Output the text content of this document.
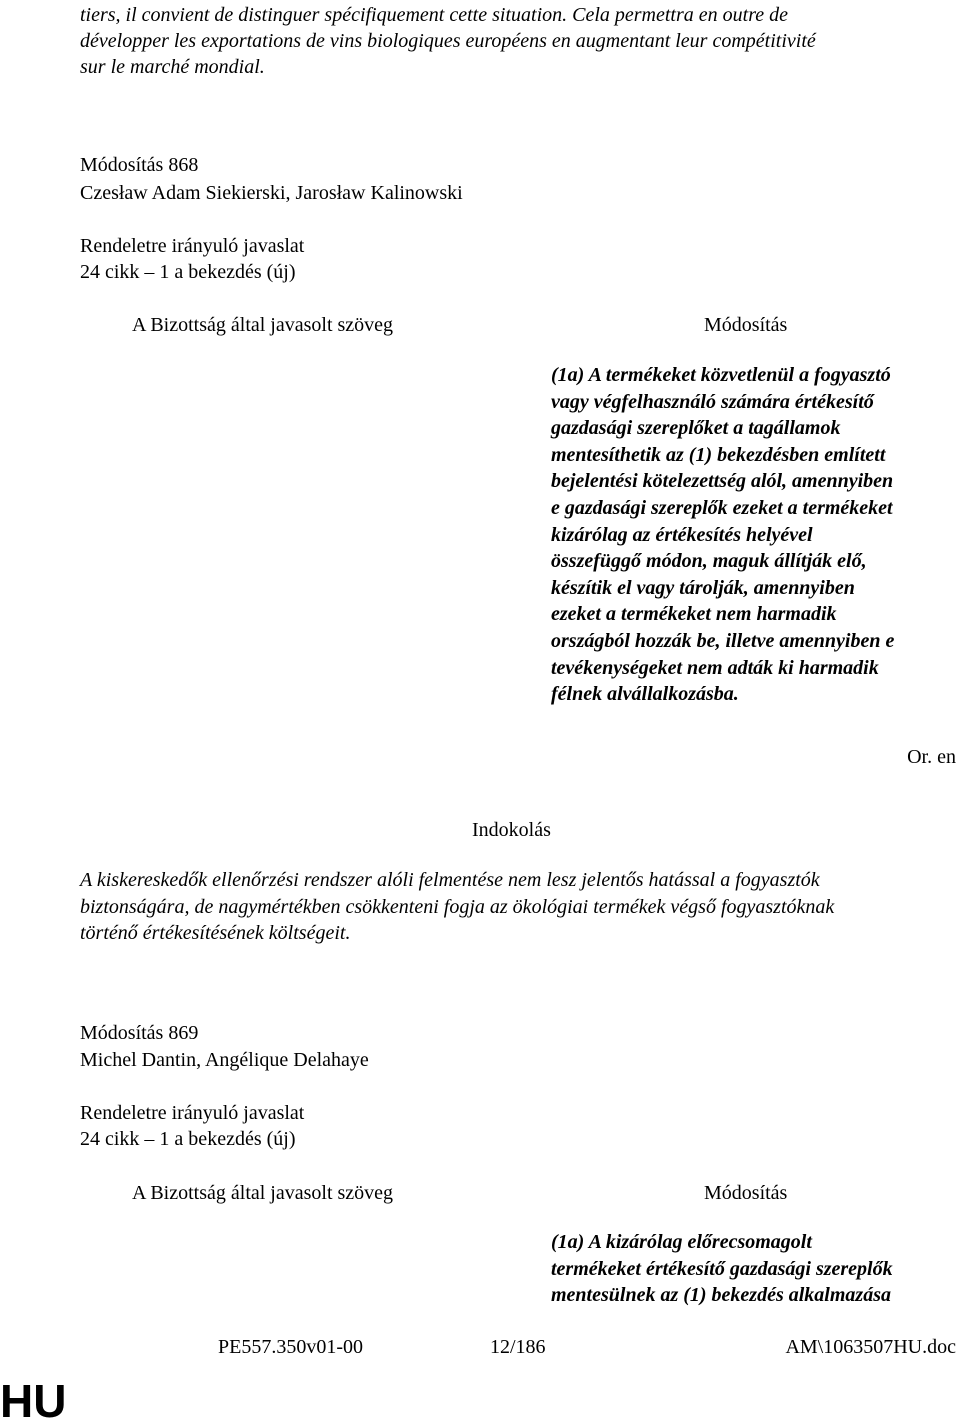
tiers, il convient de distinguer spécifiquement cette situation. Cela permettra en outre de
développer les exportations de vins biologiques européens en augmentant leur compétitivité
sur le marché mondial.
Módosítás 868
Czesław Adam Siekierski, Jarosław Kalinowski
Rendeletre irányuló javaslat
24 cikk – 1 a bekezdés (új)
A Bizottság által javasolt szöveg	Módosítás
(1a) A termékeket közvetlenül a fogyasztó
vagy végfelhasználó számára értékesítő
gazdasági szereplőket a tagállamok
mentesíthetik az (1) bekezdésben említett
bejelentési kötelezettség alól, amennyiben
e gazdasági szereplők ezeket a termékeket
kizárólag az értékesítés helyével
összefüggő módon, maguk állítják elő,
készítik el vagy tárolják, amennyiben
ezeket a termékeket nem harmadik
országból hozzák be, illetve amennyiben e
tevékenységeket nem adták ki harmadik
félnek alvállalkozásba.
Or. en
Indokolás
A kiskereskedők ellenőrzési rendszer alóli felmentése nem lesz jelentős hatással a fogyasztók
biztonságára, de nagymértékben csökkenteni fogja az ökológiai termékek végső fogyasztóknak
történő értékesítésének költségeit.
Módosítás 869
Michel Dantin, Angélique Delahaye
Rendeletre irányuló javaslat
24 cikk – 1 a bekezdés (új)
A Bizottság által javasolt szöveg	Módosítás
(1a) A kizárólag előrecsomagolt
termékeket értékesítő gazdasági szereplők
mentesülnek az (1) bekezdés alkalmazása
PE557.350v01-00	12/186	AM\1063507HU.doc
HU
